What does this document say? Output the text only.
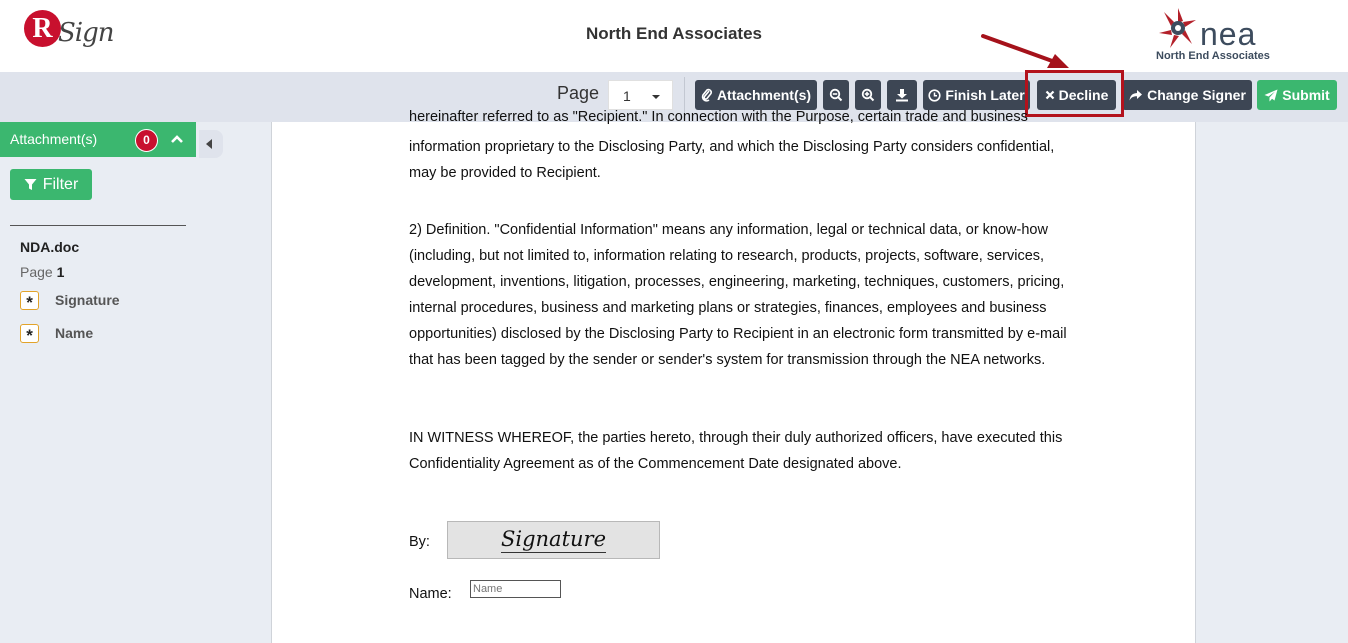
R Sign	North End Associates	nea
North End Associates
Page	1	Attachment(s)	Finish Later Decline	Change Signer	Submit
Attachment(s)	0
Filter
NDA.doc
Page 1
*	Signature
*	Name
hereinafter referred to as "Recipient." In connection with the Purpose, certain trade and business

information proprietary to the Disclosing Party, and which the Disclosing Party considers confidential, may be provided to Recipient.

2) Definition. "Confidential Information" means any information, legal or technical data, or know-how (including, but not limited to, information relating to research, products, projects, software, services, development, inventions, litigation, processes, engineering, marketing, techniques, customers, pricing, internal procedures, business and marketing plans or strategies, finances, employees and business opportunities) disclosed by the Disclosing Party to Recipient in an electronic form transmitted by e-mail that has been tagged by the sender or sender's system for transmission through the NEA networks.

IN WITNESS WHEREOF, the parties hereto, through their duly authorized officers, have executed this Confidentiality Agreement as of the Commencement Date designated above.

By:	Signature
Name:
Name
